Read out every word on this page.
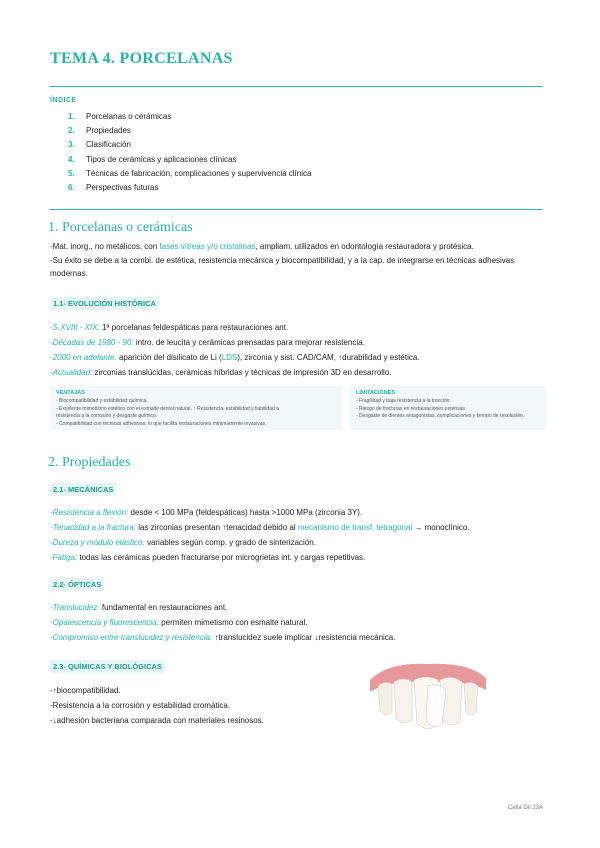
TEMA 4. PORCELANAS
ÍNDICE
1.	Porcelanas o cerámicas
2.	Propiedades
3.	Clasificación
4.	Tipos de cerámicas y aplicaciones clínicas
5.	Técnicas de fabricación, complicaciones y supervivencia clínica
6.	Perspectivas futuras
1. Porcelanas o cerámicas

-Mat. inorg., no metálicos, con fases vítreas y/o cristalinas, ampliam. utilizados en odontología restauradora y protésica.

-Su éxito se debe a la combi. de estética, resistencia mecánica y biocompatibilidad, y a la cap. de integrarse en técnicas adhesivas modernas.

1.1- EVOLUCIÓN HISTÓRICA
-S.XVIII - XIX: 1ª porcelanas feldespáticas para restauraciones ant.
-Décadas de 1980 - 90: intro. de leucita y cerámicas prensadas para mejorar resistencia.
-2000 en adelante: aparición del disilicato de Li (LDS), zirconia y sist. CAD/CAM, ↑durabilidad y estética.
-Actualidad: zirconias translúcidas, cerámicas híbridas y técnicas de impresión 3D en desarrollo.
VENTAJAS
- Biocompatibilidad y estabilidad química.
- Excelente mimetismo estético con el esmalte dental natural. ↑ Resistencia, estabilidad y fiabilidad a
resistencia a la corrosión y desgaste químico.
- Compatibilidad con técnicas adhesivas, lo que facilita restauraciones mínimamente invasivas.
LIMITACIONES
- Fragilidad y baja resistencia a la tracción.
- Riesgo de fracturas en restauraciones extensas.
- Desgaste de dientes antagonistas, complicaciones y tiempo de resolución.
2. Propiedades
2.1- MECÁNICAS
-Resistencia a flexión: desde < 100 MPa (feldespáticas) hasta >1000 MPa (zirconia 3Y).
-Tenacidad a la fractura: las zirconias presentan ↑tenacidad debido al mecanismo de transf. tetragonal → monoclínico.
-Dureza y módulo elástico: variables según comp. y grado de sinterización.
-Fatiga: todas las cerámicas pueden fracturarse por microgrietas int. y cargas repetitivas.
2.2- ÓPTICAS
-Translucidez: fundamental en restauraciones ant.
-Opalescencia y fluorescencia: permiten mimetismo con esmalte natural.
-Compromiso entre translucidez y resistencia: ↑translucidez suele implicar ↓resistencia mecánica.
2.3- QUÍMICAS Y BIOLÓGICAS
-↑biocompatibilidad.
-Resistencia a la corrosión y estabilidad cromática.
-↓adhesión bacteriana comparada con materiales resinosos.
Celia Gil 23A
